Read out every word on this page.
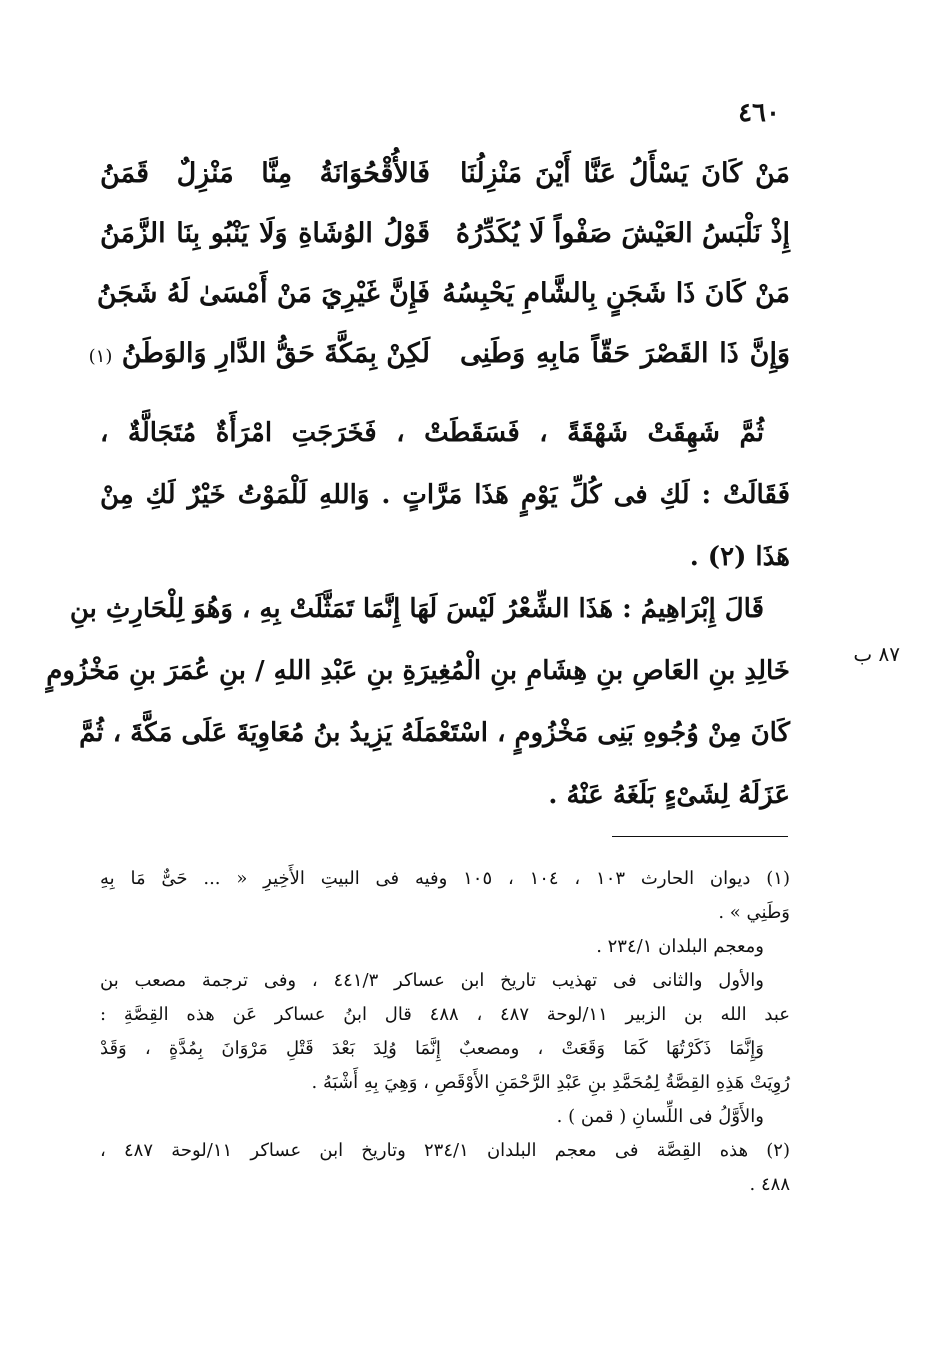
٤٦٠
مَنْ كَانَ يَسْأَلُ عَنَّا أَيْنَ مَنْزِلُنَا
فَالأُقْحُوَانَةُ مِنَّا مَنْزِلٌ قَمَنُ
إِذْ نَلْبَسُ العَيْشَ صَفْواً لَا يُكَدِّرُهُ
قَوْلُ الوُشَاةِ وَلَا يَنْبُو بِنَا الزَّمَنُ
مَنْ كَانَ ذَا شَجَنٍ بِالشَّامِ يَحْبِسُهُ
فَإِنَّ غَيْرِيَ مَنْ أَمْسَىٰ لَهُ شَجَنُ
وَإِنَّ ذَا القَصْرَ حَقّاً مَابِهِ وَطَنِى
لَكِنْ بِمَكَّةَ حَقُّ الدَّارِ وَالوَطَنُ (١)
ثُمَّ شَهِقَتْ شَهْقَةً ، فَسَقَطَتْ ، فَخَرَجَتِ امْرَأَةٌ مُتَجَالَّةٌ ،
فَقَالَتْ : لَكِ فى كُلِّ يَوْمٍ هَذَا مَرَّاتٍ . وَاللهِ لَلْمَوْتُ خَيْرٌ لَكِ مِنْ
هَذَا (٢) .
قَالَ إِبْرَاهِيمُ : هَذَا الشِّعْرُ لَيْسَ لَهَا إِنَّمَا تَمَثَّلَتْ بِهِ ، وَهُوَ لِلْحَارِثِ بنِ
خَالِدِ بنِ العَاصِ بنِ هِشَامِ بنِ الْمُغِيرَةِ بنِ عَبْدِ اللهِ / بنِ عُمَرَ بنِ مَخْزُومٍ
كَانَ مِنْ وُجُوهِ بَنِى مَخْزُومٍ ، اسْتَعْمَلَهُ يَزِيدُ بنُ مُعَاوِيَةَ عَلَى مَكَّةَ ، ثُمَّ
عَزَلَهُ لِشَىْءٍ بَلَغَهُ عَنْهُ .
٨٧ ب
(١) ديوان الحارث ١٠٣ ، ١٠٤ ، ١٠٥ وفيه فى البيتِ الأَخِيرِ « ... حَىٌّ مَا بِهِ
وَطَنِي » .
ومعجم البلدان ٢٣٤/١ .
والأول والثانى فى تهذيب تاريخ ابن عساكر ٤٤١/٣ ، وفى ترجمة مصعب بن
عبد الله بن الزبير ١١/لوحة ٤٨٧ ، ٤٨٨ قال ابنُ عساكر عَن هذه القِصَّةِ :
وَإِنَّمَا ذَكَرْتُهَا كَمَا وَقَعَتْ ، ومصعبٌ إِنَّمَا وُلِدَ بَعْدَ قَتْلِ مَرْوَانَ بِمُدَّةٍ ، وَقَدْ
رُوِيَتْ هَذِهِ القِصَّةُ لِمُحَمَّدِ بنِ عَبْدِ الرَّحْمَنِ الأَوْقَصِ ، وَهِيَ بِهِ أَشْبَهُ .
والأَوَّلُ فى اللِّسانِ ( قمن ) .
(٢) هذه القِصَّة فى معجم البلدان ٢٣٤/١ وتاريخ ابن عساكر ١١/لوحة ٤٨٧ ،
٤٨٨ .
